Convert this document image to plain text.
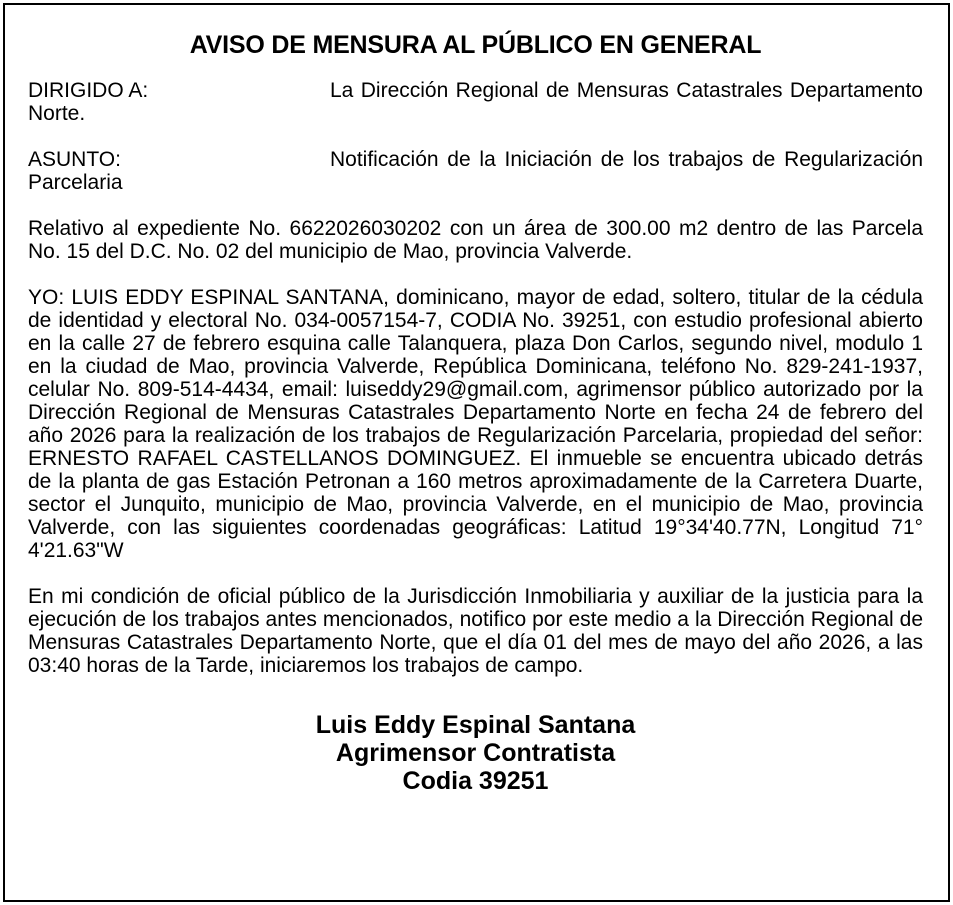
AVISO DE MENSURA AL PÚBLICO EN GENERAL
DIRIGIDO A:	La Dirección Regional de Mensuras Catastrales Departamento Norte.
ASUNTO:	Notificación de la Iniciación de los trabajos de Regularización Parcelaria
Relativo al expediente No. 6622026030202 con un área de 300.00 m2 dentro de las Parcela No. 15 del D.C. No. 02 del municipio de Mao, provincia Valverde.
YO: LUIS EDDY ESPINAL SANTANA, dominicano, mayor de edad, soltero, titular de la cédula de identidad y electoral No. 034-0057154-7, CODIA No. 39251, con estudio profesional abierto en la calle 27 de febrero esquina calle Talanquera, plaza Don Carlos, segundo nivel, modulo 1 en la ciudad de Mao, provincia Valverde, República Dominicana, teléfono No. 829-241-1937, celular No. 809-514-4434, email: luiseddy29@gmail.com, agrimensor público autorizado por la Dirección Regional de Mensuras Catastrales Departamento Norte en fecha 24 de febrero del año 2026 para la realización de los trabajos de Regularización Parcelaria, propiedad del señor: ERNESTO RAFAEL CASTELLANOS DOMINGUEZ. El inmueble se encuentra ubicado detrás de la planta de gas Estación Petronan a 160 metros aproximadamente de la Carretera Duarte, sector el Junquito, municipio de Mao, provincia Valverde, en el municipio de Mao, provincia Valverde, con las siguientes coordenadas geográficas: Latitud 19°34'40.77N, Longitud 71° 4'21.63"W
En mi condición de oficial público de la Jurisdicción Inmobiliaria y auxiliar de la justicia para la ejecución de los trabajos antes mencionados, notifico por este medio a la Dirección Regional de Mensuras Catastrales Departamento Norte, que el día 01 del mes de mayo del año 2026, a las 03:40 horas de la Tarde, iniciaremos los trabajos de campo.
Luis Eddy Espinal Santana
Agrimensor Contratista
Codia 39251
